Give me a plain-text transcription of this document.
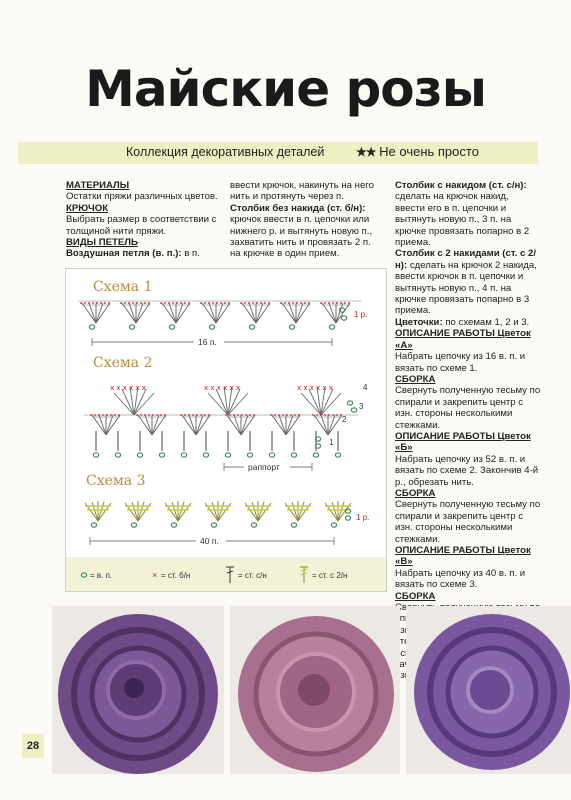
Майские розы
Коллекция декоративных деталей	★★ Не очень просто

МАТЕРИАЛЫ

Остатки пряжи различных цветов.

КРЮЧОК

Выбрать размер в соответствии с толщиной нити пряжи.

ВИДЫ ПЕТЕЛЬ

Воздушная петля (в. п.): в п.

ввести крючок, накинуть на него нить и протянуть через п.

Столбик без накида (ст. б/н): крючок ввести в п. цепочки или нижнего р. и вытянуть новую п., захватить нить и провязать 2 п. на крючке в один прием.

Столбик с накидом (ст. с/н): сделать на крючок накид, ввести его в п. цепочки и вытянуть новую п., 3 п. на крючке провязать попарно в 2 приема.

Столбик с 2 накидами (ст. с 2/н): сделать на крючок 2 накида, ввести крючок в п. цепочки и вытянуть новую п., 4 п. на крючке провязать попарно в 3 приема.

Цветочки: по схемам 1, 2 и 3.

ОПИСАНИЕ РАБОТЫ Цветок «А»

Набрать цепочку из 16 в. п. и вязать по схеме 1.

СБОРКА

Свернуть полученную тесьму по спирали и закрепить центр с изн. стороны несколькими стежками.

ОПИСАНИЕ РАБОТЫ Цветок «Б»

Набрать цепочку из 52 в. п. и вязать по схеме 2. Закончив 4-й р., обрезать нить.

СБОРКА

Свернуть полученную тесьму по спирали и закрепить центр с изн. стороны несколькими стежками.

ОПИСАНИЕ РАБОТЫ Цветок «В»

Набрать цепочку из 40 в. п. и вязать по схеме 3.

СБОРКА

изн. изн.

x x x x x x
Схема 1
1 р.
16 п.
Схема 2
4
3
2
1
раппорт
Схема 3
1 р.
40 п.
= в. п.	× = ст. б/н	= ст. с/н	= ст. с 2/н
28
